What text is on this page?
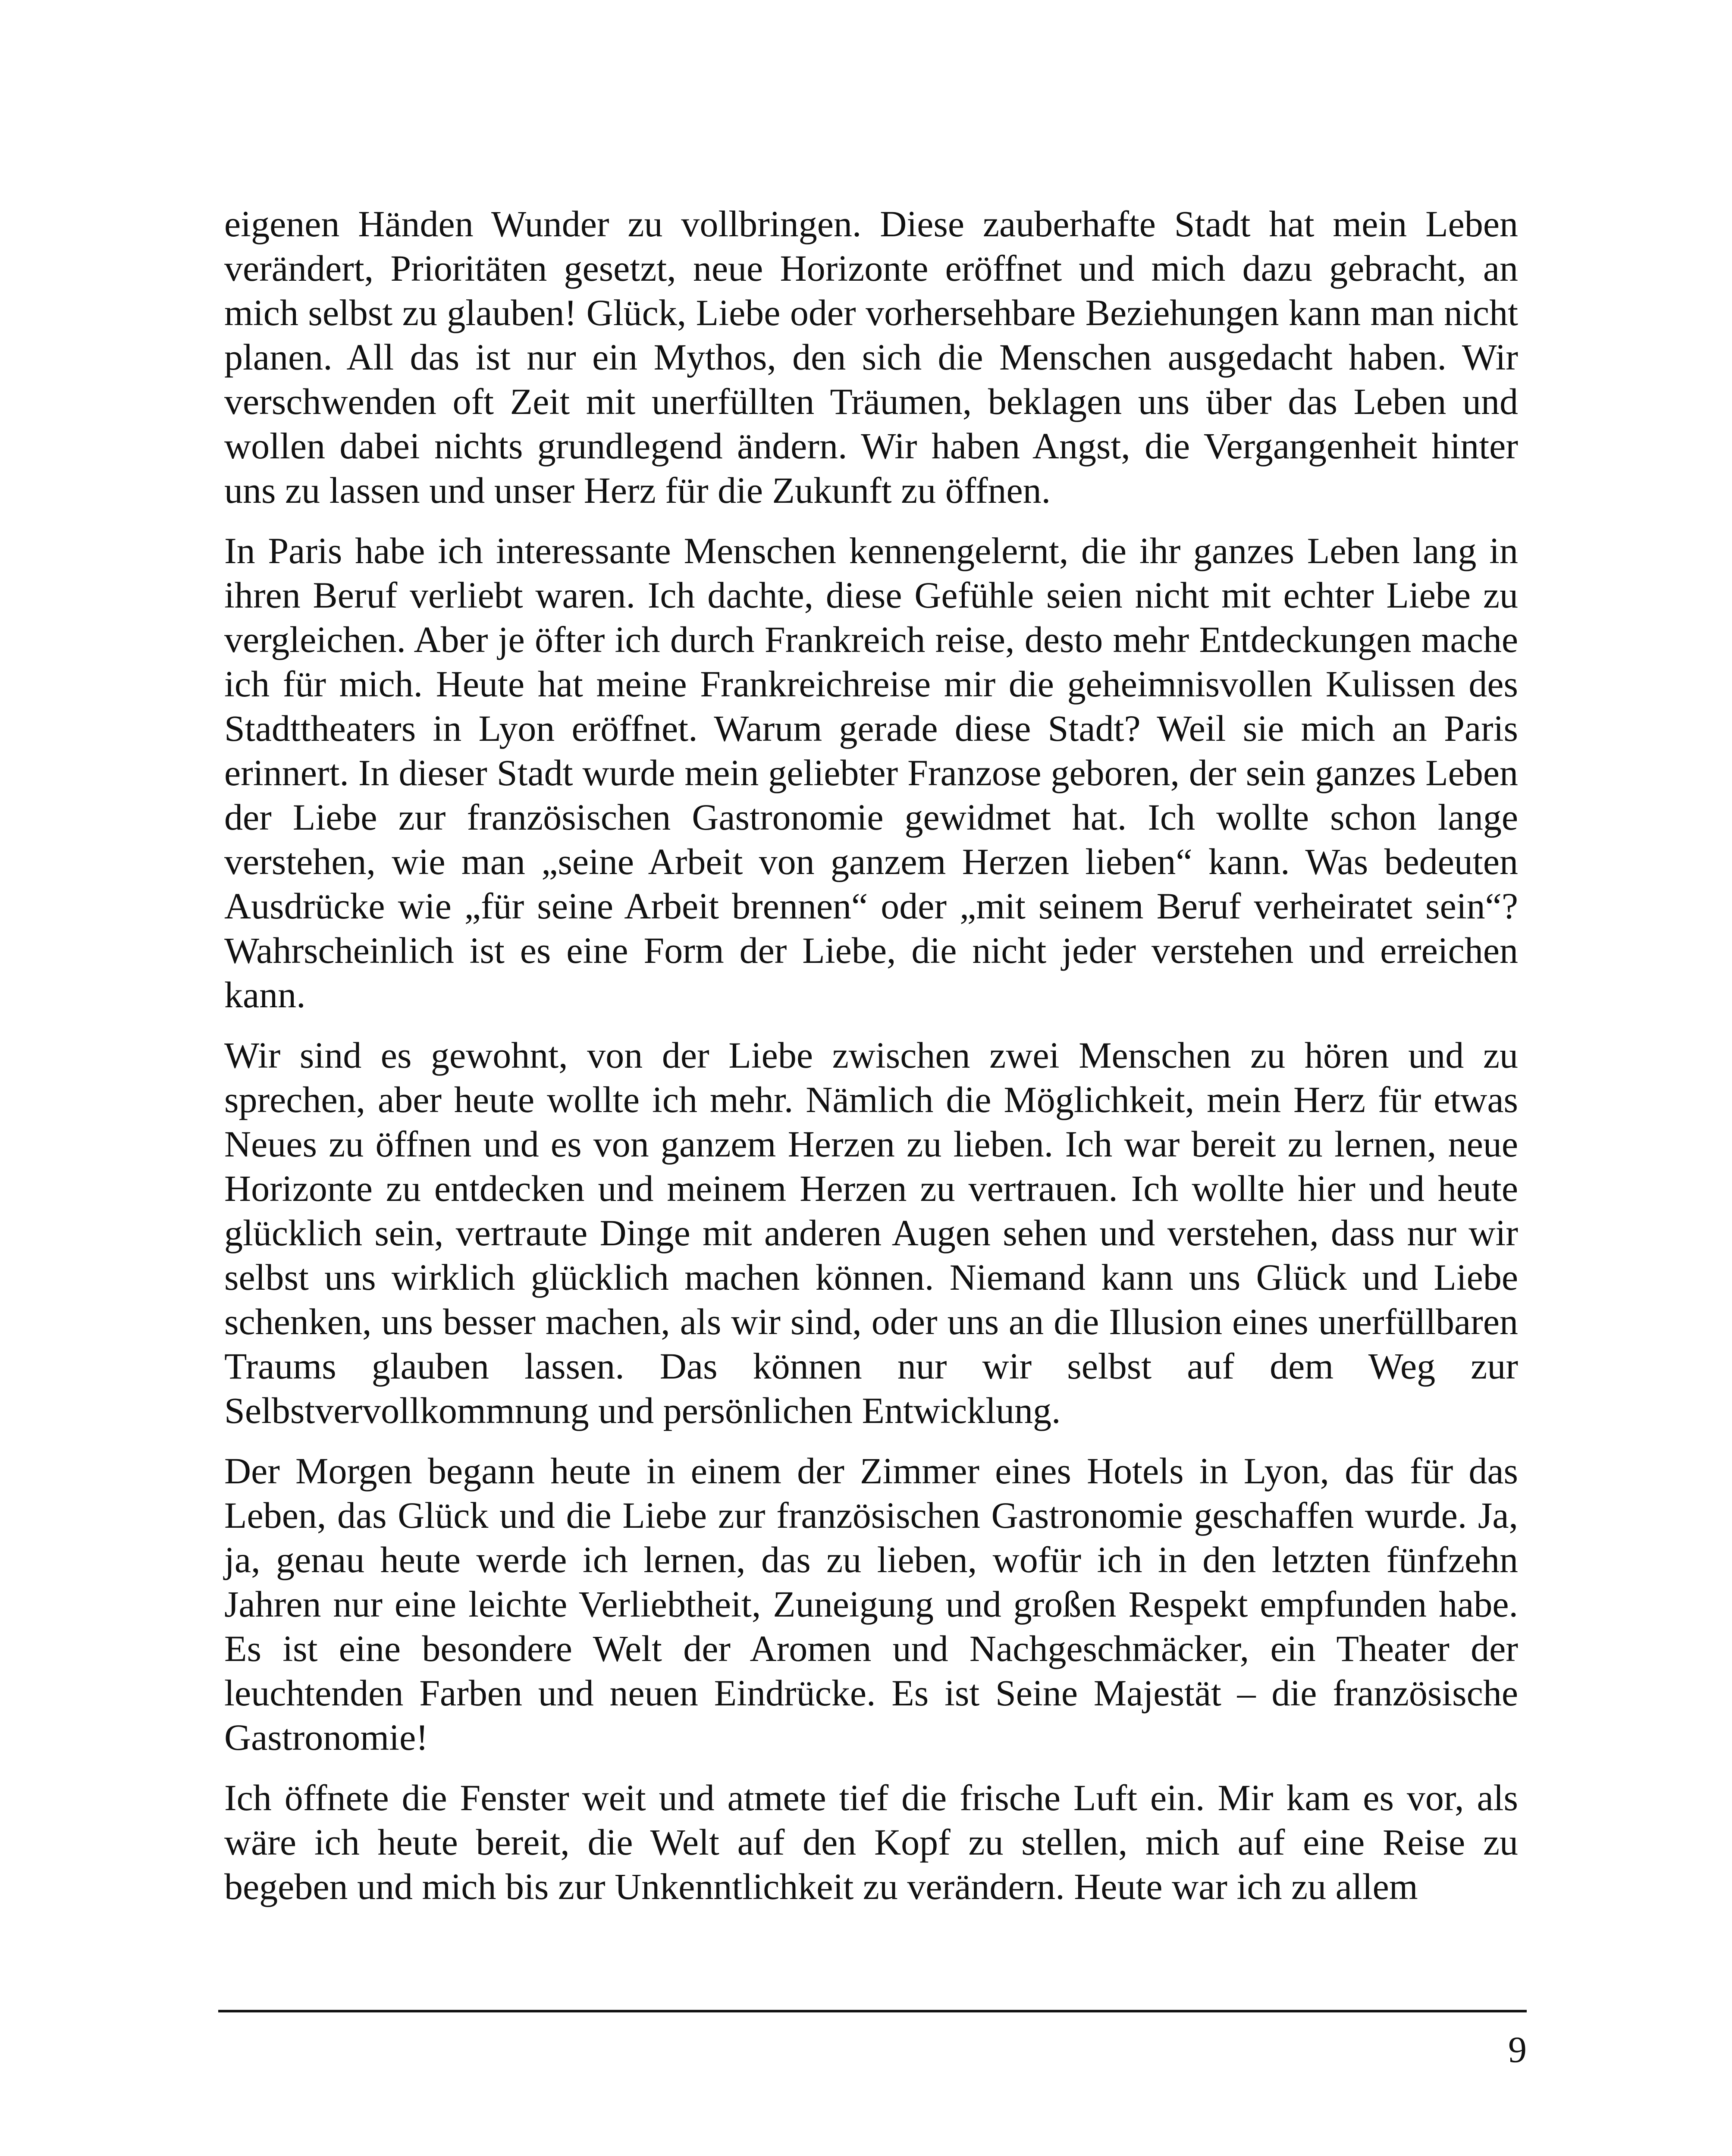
eigenen Händen Wunder zu vollbringen. Diese zauberhafte Stadt hat mein Leben verändert, Prioritäten gesetzt, neue Horizonte eröffnet und mich dazu gebracht, an mich selbst zu glauben! Glück, Liebe oder vorhersehbare Beziehungen kann man nicht planen. All das ist nur ein Mythos, den sich die Menschen ausgedacht haben. Wir verschwenden oft Zeit mit unerfüllten Träumen, beklagen uns über das Leben und wollen dabei nichts grundlegend ändern. Wir haben Angst, die Vergangenheit hinter uns zu lassen und unser Herz für die Zukunft zu öffnen.

In Paris habe ich interessante Menschen kennengelernt, die ihr ganzes Leben lang in ihren Beruf verliebt waren. Ich dachte, diese Gefühle seien nicht mit echter Liebe zu vergleichen. Aber je öfter ich durch Frankreich reise, desto mehr Entdeckungen mache ich für mich. Heute hat meine Frankreichreise mir die geheimnisvollen Kulissen des Stadttheaters in Lyon eröffnet. Warum gerade diese Stadt? Weil sie mich an Paris erinnert. In dieser Stadt wurde mein geliebter Franzose geboren, der sein ganzes Leben der Liebe zur französischen Gastronomie gewidmet hat. Ich wollte schon lange verstehen, wie man „seine Arbeit von ganzem Herzen lieben“ kann. Was bedeuten Ausdrücke wie „für seine Arbeit brennen“ oder „mit seinem Beruf verheiratet sein“? Wahrscheinlich ist es eine Form der Liebe, die nicht jeder verstehen und erreichen kann.

Wir sind es gewohnt, von der Liebe zwischen zwei Menschen zu hören und zu sprechen, aber heute wollte ich mehr. Nämlich die Möglichkeit, mein Herz für etwas Neues zu öffnen und es von ganzem Herzen zu lieben. Ich war bereit zu lernen, neue Horizonte zu entdecken und meinem Herzen zu vertrauen. Ich wollte hier und heute glücklich sein, vertraute Dinge mit anderen Augen sehen und verstehen, dass nur wir selbst uns wirklich glücklich machen können. Niemand kann uns Glück und Liebe schenken, uns besser machen, als wir sind, oder uns an die Illusion eines unerfüllbaren Traums glauben lassen. Das können nur wir selbst auf dem Weg zur Selbstvervollkommnung und persönlichen Entwicklung.

Der Morgen begann heute in einem der Zimmer eines Hotels in Lyon, das für das Leben, das Glück und die Liebe zur französischen Gastronomie geschaffen wurde. Ja, ja, genau heute werde ich lernen, das zu lieben, wofür ich in den letzten fünfzehn Jahren nur eine leichte Verliebtheit, Zuneigung und großen Respekt empfunden habe. Es ist eine besondere Welt der Aromen und Nachgeschmäcker, ein Theater der leuchtenden Farben und neuen Eindrücke. Es ist Seine Majestät – die französische Gastronomie!

Ich öffnete die Fenster weit und atmete tief die frische Luft ein. Mir kam es vor, als wäre ich heute bereit, die Welt auf den Kopf zu stellen, mich auf eine Reise zu begeben und mich bis zur Unkenntlichkeit zu verändern. Heute war ich zu allem

9
